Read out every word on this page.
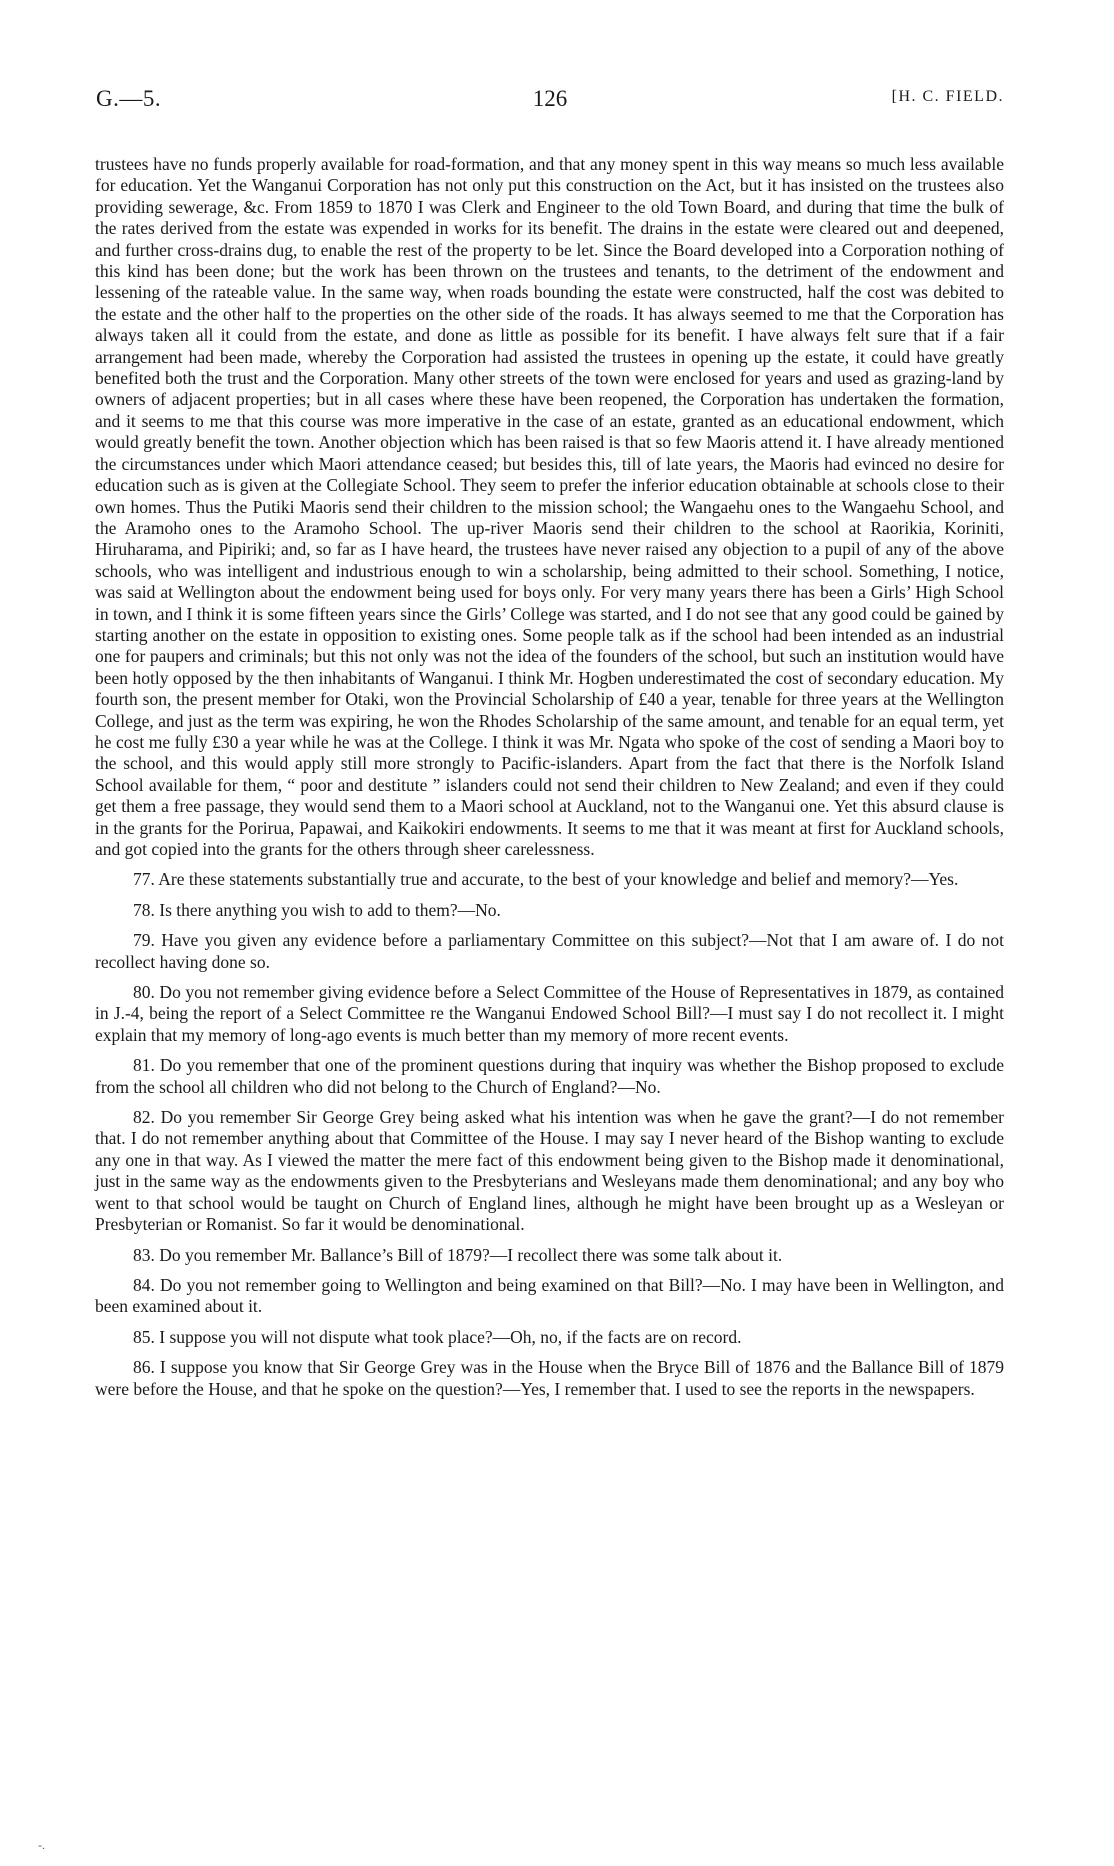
G.—5.	126	[H. C. FIELD.

trustees have no funds properly available for road-formation, and that any money spent in this way means so much less available for education. Yet the Wanganui Corporation has not only put this construction on the Act, but it has insisted on the trustees also providing sewerage, &c. From 1859 to 1870 I was Clerk and Engineer to the old Town Board, and during that time the bulk of the rates derived from the estate was expended in works for its benefit. The drains in the estate were cleared out and deepened, and further cross-drains dug, to enable the rest of the property to be let. Since the Board developed into a Corporation nothing of this kind has been done; but the work has been thrown on the trustees and tenants, to the detriment of the endowment and lessening of the rateable value. In the same way, when roads bounding the estate were constructed, half the cost was debited to the estate and the other half to the properties on the other side of the roads. It has always seemed to me that the Corporation has always taken all it could from the estate, and done as little as possible for its benefit. I have always felt sure that if a fair arrangement had been made, whereby the Corporation had assisted the trustees in opening up the estate, it could have greatly benefited both the trust and the Corporation. Many other streets of the town were enclosed for years and used as grazing-land by owners of adjacent properties; but in all cases where these have been reopened, the Corporation has undertaken the formation, and it seems to me that this course was more imperative in the case of an estate, granted as an educational endowment, which would greatly benefit the town. Another objection which has been raised is that so few Maoris attend it. I have already mentioned the circumstances under which Maori attendance ceased; but besides this, till of late years, the Maoris had evinced no desire for education such as is given at the Collegiate School. They seem to prefer the inferior education obtainable at schools close to their own homes. Thus the Putiki Maoris send their children to the mission school; the Wangaehu ones to the Wangaehu School, and the Aramoho ones to the Aramoho School. The up-river Maoris send their children to the school at Raorikia, Koriniti, Hiruharama, and Pipiriki; and, so far as I have heard, the trustees have never raised any objection to a pupil of any of the above schools, who was intelligent and industrious enough to win a scholarship, being admitted to their school. Something, I notice, was said at Wellington about the endowment being used for boys only. For very many years there has been a Girls’ High School in town, and I think it is some fifteen years since the Girls’ College was started, and I do not see that any good could be gained by starting another on the estate in opposition to existing ones. Some people talk as if the school had been intended as an industrial one for paupers and criminals; but this not only was not the idea of the founders of the school, but such an institution would have been hotly opposed by the then inhabitants of Wanganui. I think Mr. Hogben underestimated the cost of secondary education. My fourth son, the present member for Otaki, won the Provincial Scholarship of £40 a year, tenable for three years at the Wellington College, and just as the term was expiring, he won the Rhodes Scholarship of the same amount, and tenable for an equal term, yet he cost me fully £30 a year while he was at the College. I think it was Mr. Ngata who spoke of the cost of sending a Maori boy to the school, and this would apply still more strongly to Pacific-islanders. Apart from the fact that there is the Norfolk Island School available for them, “ poor and destitute ” islanders could not send their children to New Zealand; and even if they could get them a free passage, they would send them to a Maori school at Auckland, not to the Wanganui one. Yet this absurd clause is in the grants for the Porirua, Papawai, and Kaikokiri endowments. It seems to me that it was meant at first for Auckland schools, and got copied into the grants for the others through sheer carelessness.

77. Are these statements substantially true and accurate, to the best of your knowledge and belief and memory?—Yes.

78. Is there anything you wish to add to them?—No.

79. Have you given any evidence before a parliamentary Committee on this subject?—Not that I am aware of. I do not recollect having done so.

80. Do you not remember giving evidence before a Select Committee of the House of Representatives in 1879, as contained in J.-4, being the report of a Select Committee re the Wanganui Endowed School Bill?—I must say I do not recollect it. I might explain that my memory of long-ago events is much better than my memory of more recent events.

81. Do you remember that one of the prominent questions during that inquiry was whether the Bishop proposed to exclude from the school all children who did not belong to the Church of England?—No.

82. Do you remember Sir George Grey being asked what his intention was when he gave the grant?—I do not remember that. I do not remember anything about that Committee of the House. I may say I never heard of the Bishop wanting to exclude any one in that way. As I viewed the matter the mere fact of this endowment being given to the Bishop made it denominational, just in the same way as the endowments given to the Presbyterians and Wesleyans made them denominational; and any boy who went to that school would be taught on Church of England lines, although he might have been brought up as a Wesleyan or Presbyterian or Romanist. So far it would be denominational.

83. Do you remember Mr. Ballance’s Bill of 1879?—I recollect there was some talk about it.

84. Do you not remember going to Wellington and being examined on that Bill?—No. I may have been in Wellington, and been examined about it.

85. I suppose you will not dispute what took place?—Oh, no, if the facts are on record.

86. I suppose you know that Sir George Grey was in the House when the Bryce Bill of 1876 and the Ballance Bill of 1879 were before the House, and that he spoke on the question?—Yes, I remember that. I used to see the reports in the newspapers.

-.
